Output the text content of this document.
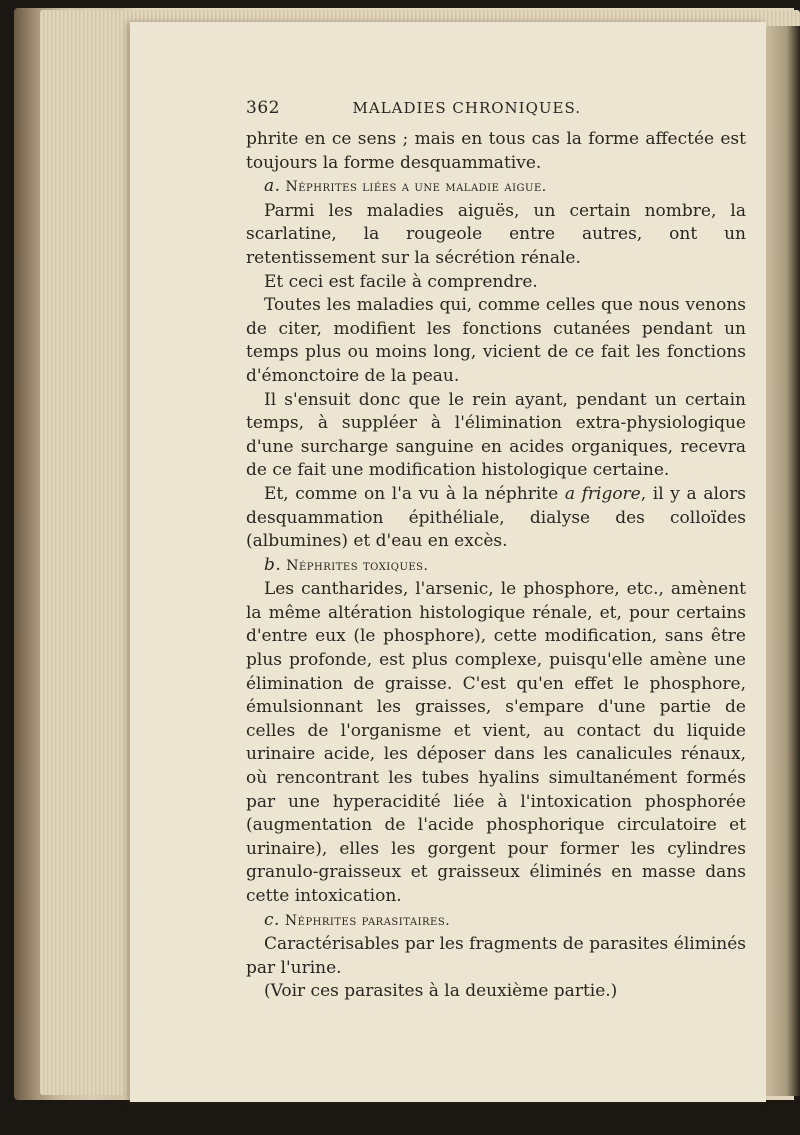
362	MALADIES CHRONIQUES.

phrite en ce sens ; mais en tous cas la forme affectée est toujours la forme desquammative.

a. Néphrites liées a une maladie aigue.

Parmi les maladies aiguës, un certain nombre, la scarlatine, la rougeole entre autres, ont un retentissement sur la sécrétion rénale.

Et ceci est facile à comprendre.

Toutes les maladies qui, comme celles que nous venons de citer, modifient les fonctions cutanées pendant un temps plus ou moins long, vicient de ce fait les fonctions d'émonctoire de la peau.

Il s'ensuit donc que le rein ayant, pendant un certain temps, à suppléer à l'élimination extra-physiologique d'une surcharge sanguine en acides organiques, recevra de ce fait une modification histologique certaine.

Et, comme on l'a vu à la néphrite a frigore, il y a alors desquammation épithéliale, dialyse des colloïdes (albumines) et d'eau en excès.

b. Néphrites toxiques.

Les cantharides, l'arsenic, le phosphore, etc., amènent la même altération histologique rénale, et, pour certains d'entre eux (le phosphore), cette modification, sans être plus profonde, est plus complexe, puisqu'elle amène une élimination de graisse. C'est qu'en effet le phosphore, émulsionnant les graisses, s'empare d'une partie de celles de l'organisme et vient, au contact du liquide urinaire acide, les déposer dans les canalicules rénaux, où rencontrant les tubes hyalins simultanément formés par une hyperacidité liée à l'intoxication phosphorée (augmentation de l'acide phosphorique circulatoire et urinaire), elles les gorgent pour former les cylindres granulo-graisseux et graisseux éliminés en masse dans cette intoxication.

c. Néphrites parasitaires.

Caractérisables par les fragments de parasites éliminés par l'urine.

(Voir ces parasites à la deuxième partie.)
